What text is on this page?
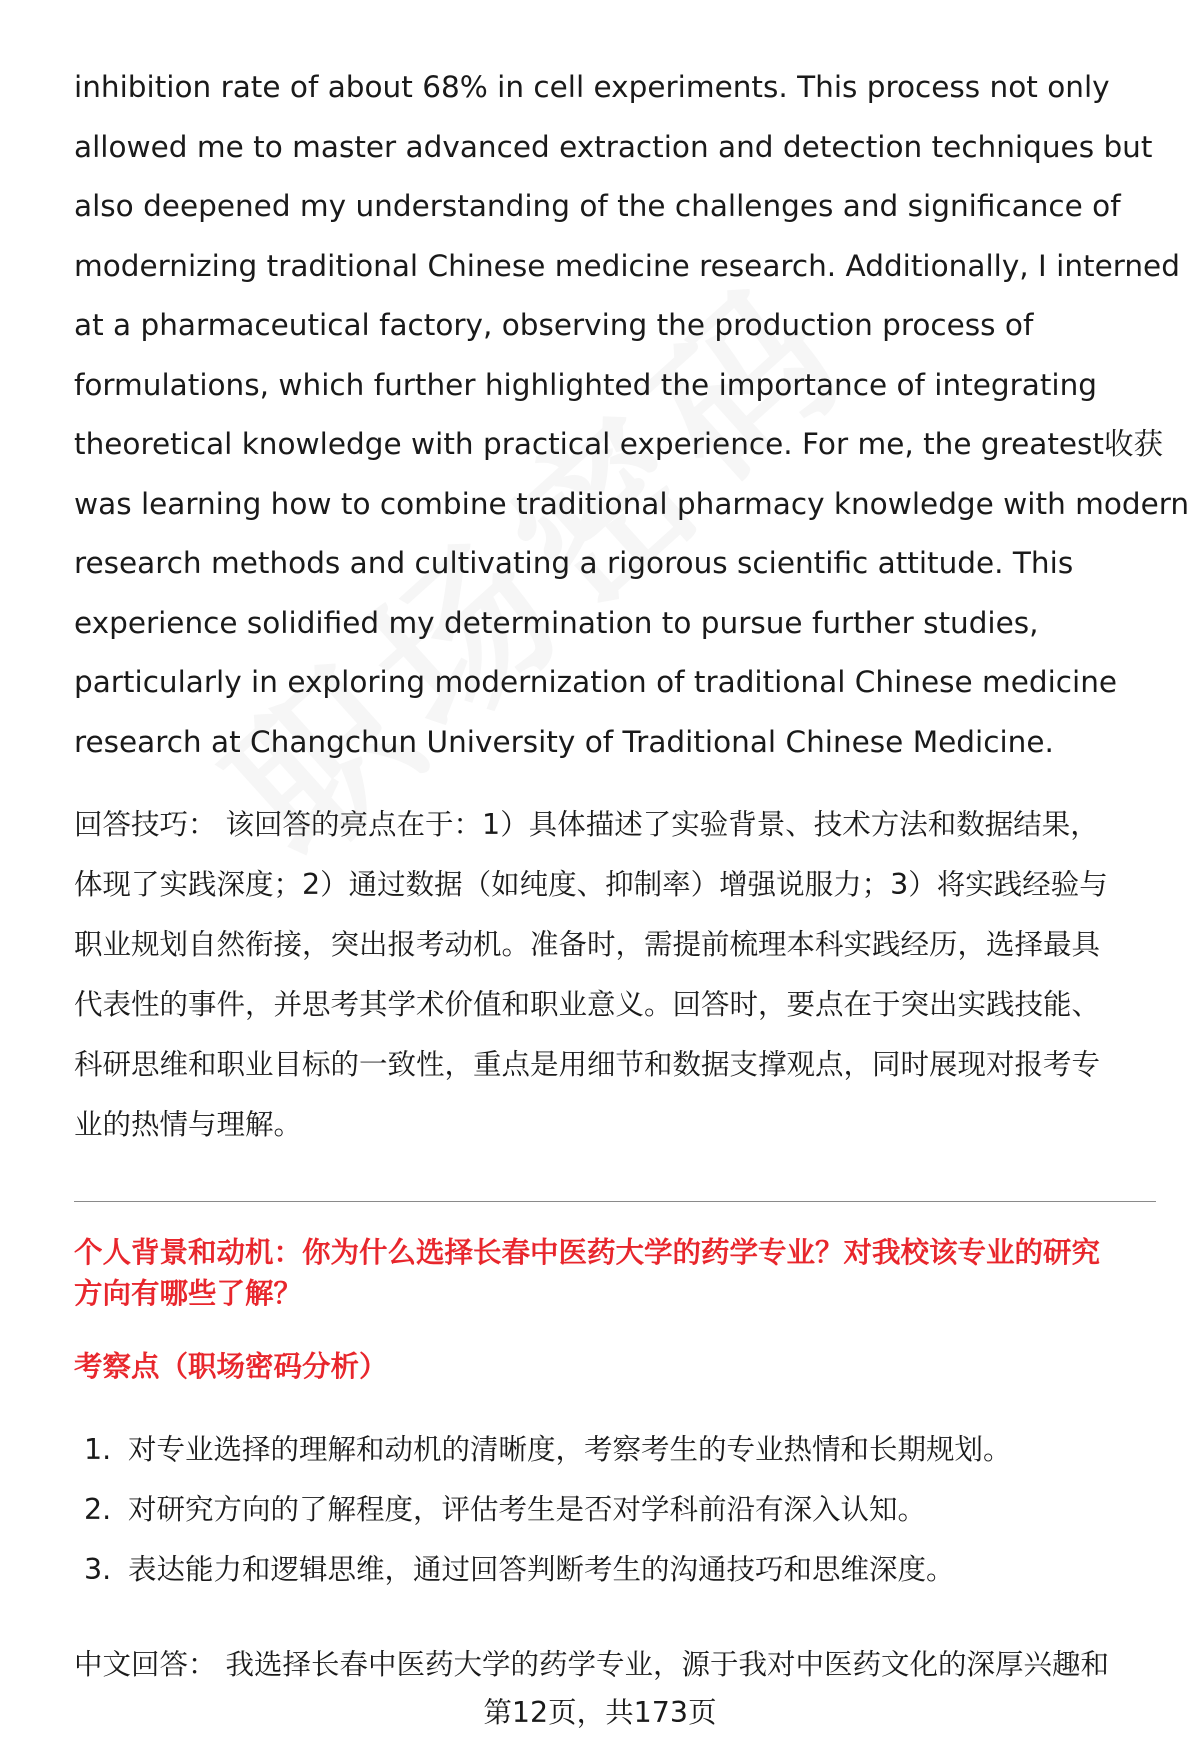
inhibition rate of about 68% in cell experiments. This process not only
allowed me to master advanced extraction and detection techniques but
also deepened my understanding of the challenges and significance of
modernizing traditional Chinese medicine research. Additionally, I interned
at a pharmaceutical factory, observing the production process of
formulations, which further highlighted the importance of integrating
theoretical knowledge with practical experience. For me, the greatest收获
was learning how to combine traditional pharmacy knowledge with modern
research methods and cultivating a rigorous scientific attitude. This
experience solidified my determination to pursue further studies,
particularly in exploring modernization of traditional Chinese medicine
research at Changchun University of Traditional Chinese Medicine.

回答技巧： 该回答的亮点在于：1）具体描述了实验背景、技术方法和数据结果，
体现了实践深度；2）通过数据（如纯度、抑制率）增强说服力；3）将实践经验与
职业规划自然衔接，突出报考动机。准备时，需提前梳理本科实践经历，选择最具
代表性的事件，并思考其学术价值和职业意义。回答时，要点在于突出实践技能、
科研思维和职业目标的一致性，重点是用细节和数据支撑观点，同时展现对报考专
业的热情与理解。

个人背景和动机：你为什么选择长春中医药大学的药学专业？对我校该专业的研究
方向有哪些了解？
考察点（职场密码分析）
1. 对专业选择的理解和动机的清晰度，考察考生的专业热情和长期规划。
2. 对研究方向的了解程度，评估考生是否对学科前沿有深入认知。
3. 表达能力和逻辑思维，通过回答判断考生的沟通技巧和思维深度。

中文回答： 我选择长春中医药大学的药学专业，源于我对中医药文化的深厚兴趣和

第12页，共173页
